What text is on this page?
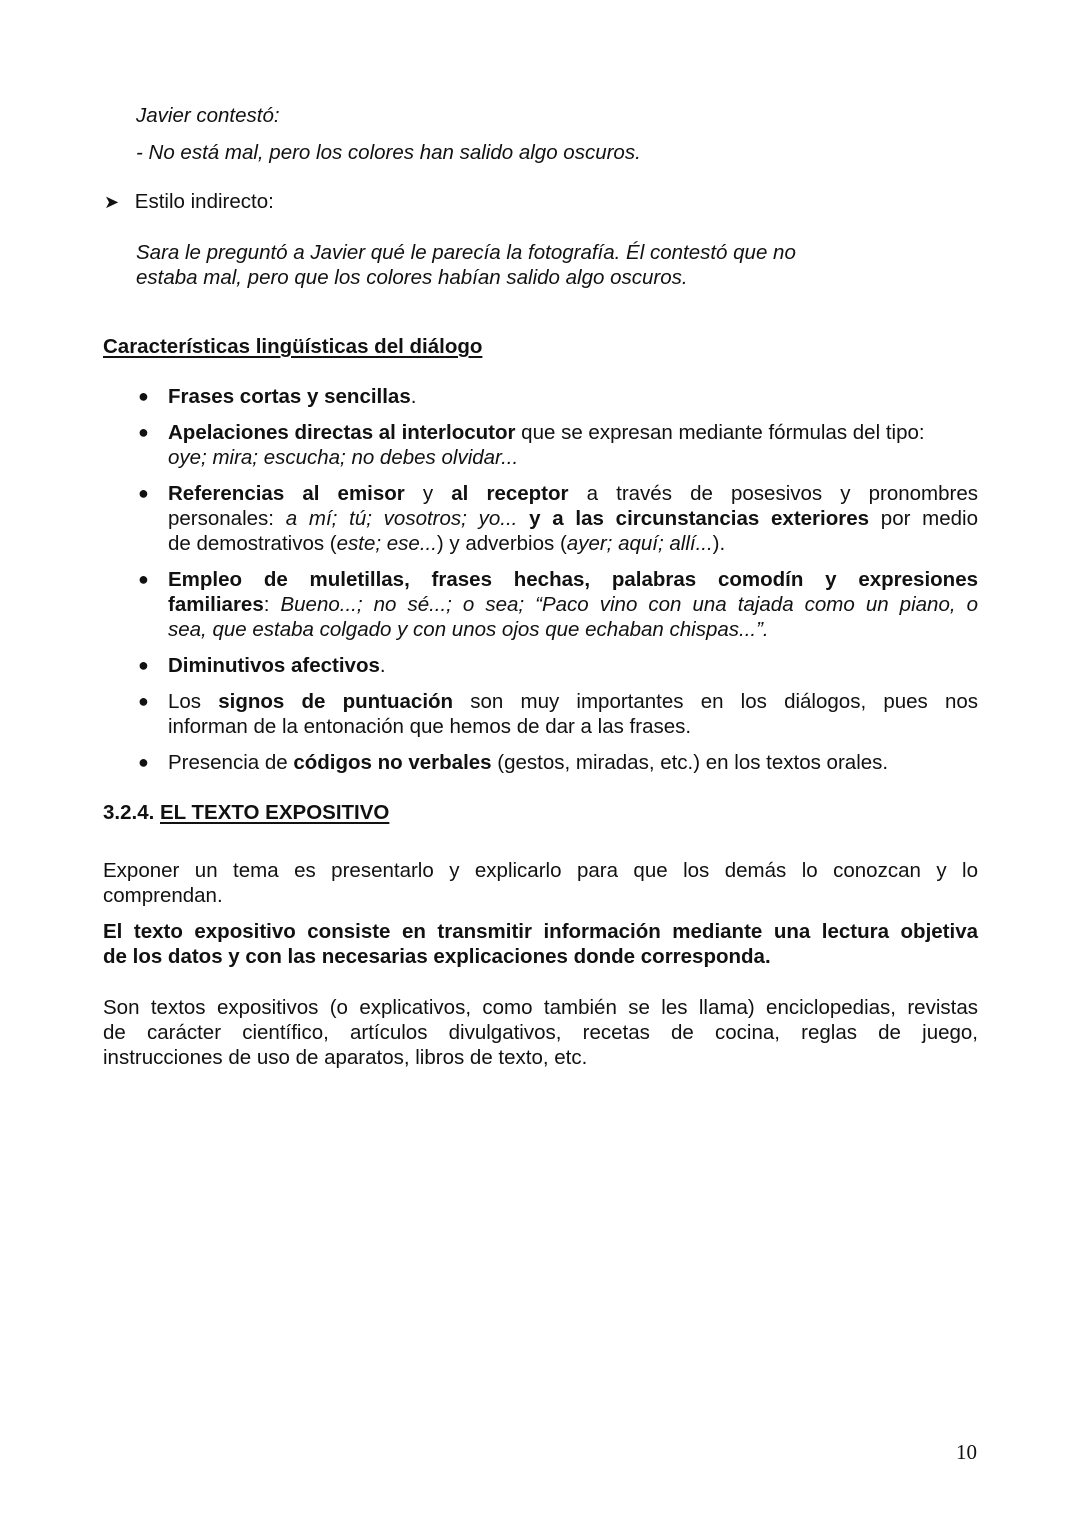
Javier contestó:
- No está mal, pero los colores han salido algo oscuros.
➤ Estilo indirecto:
Sara le preguntó a Javier qué le parecía la fotografía. Él contestó que no
estaba mal, pero que los colores habían salido algo oscuros.
Características lingüísticas del diálogo
● Frases cortas y sencillas.
● Apelaciones directas al interlocutor que se expresan mediante fórmulas del tipo:
oye; mira; escucha; no debes olvidar...
● Referencias al emisor y al receptor a través de posesivos y pronombres
personales: a mí; tú; vosotros; yo... y a las circunstancias exteriores por medio
de demostrativos (este; ese...) y adverbios (ayer; aquí; allí...).
● Empleo de muletillas, frases hechas, palabras comodín y expresiones
familiares: Bueno...; no sé...; o sea; “Paco vino con una tajada como un piano, o
sea, que estaba colgado y con unos ojos que echaban chispas...”.
● Diminutivos afectivos.
● Los signos de puntuación son muy importantes en los diálogos, pues nos
informan de la entonación que hemos de dar a las frases.
● Presencia de códigos no verbales (gestos, miradas, etc.) en los textos orales.
3.2.4. EL TEXTO EXPOSITIVO
Exponer un tema es presentarlo y explicarlo para que los demás lo conozcan y lo
comprendan.
El texto expositivo consiste en transmitir información mediante una lectura objetiva
de los datos y con las necesarias explicaciones donde corresponda.
Son textos expositivos (o explicativos, como también se les llama) enciclopedias, revistas
de carácter científico, artículos divulgativos, recetas de cocina, reglas de juego,
instrucciones de uso de aparatos, libros de texto, etc.
10
